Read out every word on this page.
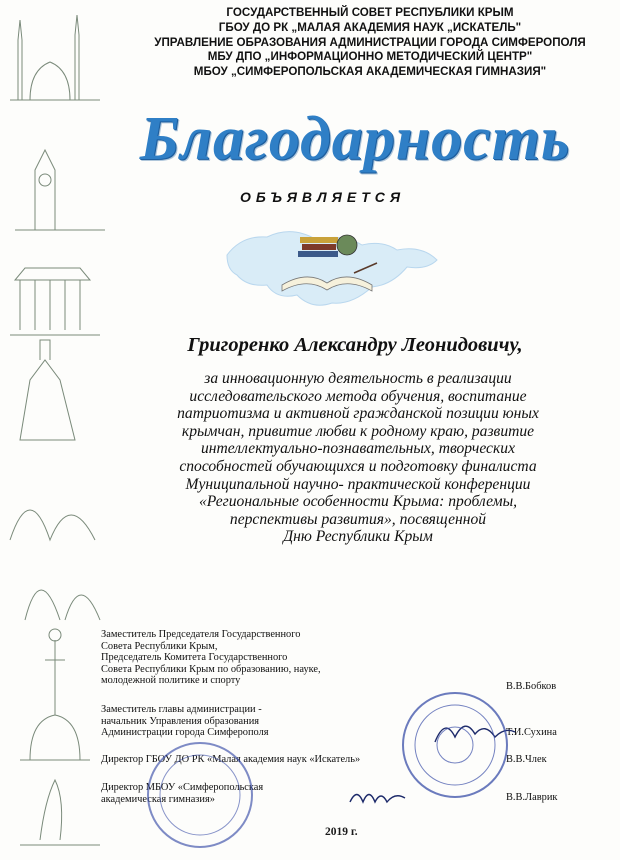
ГОСУДАРСТВЕННЫЙ СОВЕТ РЕСПУБЛИКИ КРЫМ
ГБОУ ДО РК „МАЛАЯ АКАДЕМИЯ НАУК „ИСКАТЕЛЬ"
УПРАВЛЕНИЕ ОБРАЗОВАНИЯ АДМИНИСТРАЦИИ ГОРОДА СИМФЕРОПОЛЯ
МБУ ДПО „ИНФОРМАЦИОННО МЕТОДИЧЕСКИЙ ЦЕНТР"
МБОУ „СИМФЕРОПОЛЬСКАЯ АКАДЕМИЧЕСКАЯ ГИМНАЗИЯ"
Благодарность
ОБЪЯВЛЯЕТСЯ
Григоренко Александру Леонидовичу,
за инновационную деятельность в реализации
исследовательского метода обучения, воспитание
патриотизма и активной гражданской позиции юных
крымчан, привитие любви к родному краю, развитие
интеллектуально-познавательных, творческих
способностей обучающихся и подготовку финалиста
Муниципальной научно- практической конференции
«Региональные особенности Крыма: проблемы,
перспективы развития», посвященной
Дню Республики Крым
Заместитель Председателя Государственного
Совета Республики Крым,
Председатель Комитета Государственного
Совета Республики Крым по образованию, науке,
молодежной политике и спорту
В.В.Бобков
Заместитель главы администрации -
начальник Управления образования
Администрации города Симферополя	Т.И.Сухина
Директор ГБОУ ДО РК «Малая академия наук «Искатель»	В.В.Члек
Директор МБОУ «Симферопольская
академическая гимназия»	В.В.Лаврик
2019 г.
